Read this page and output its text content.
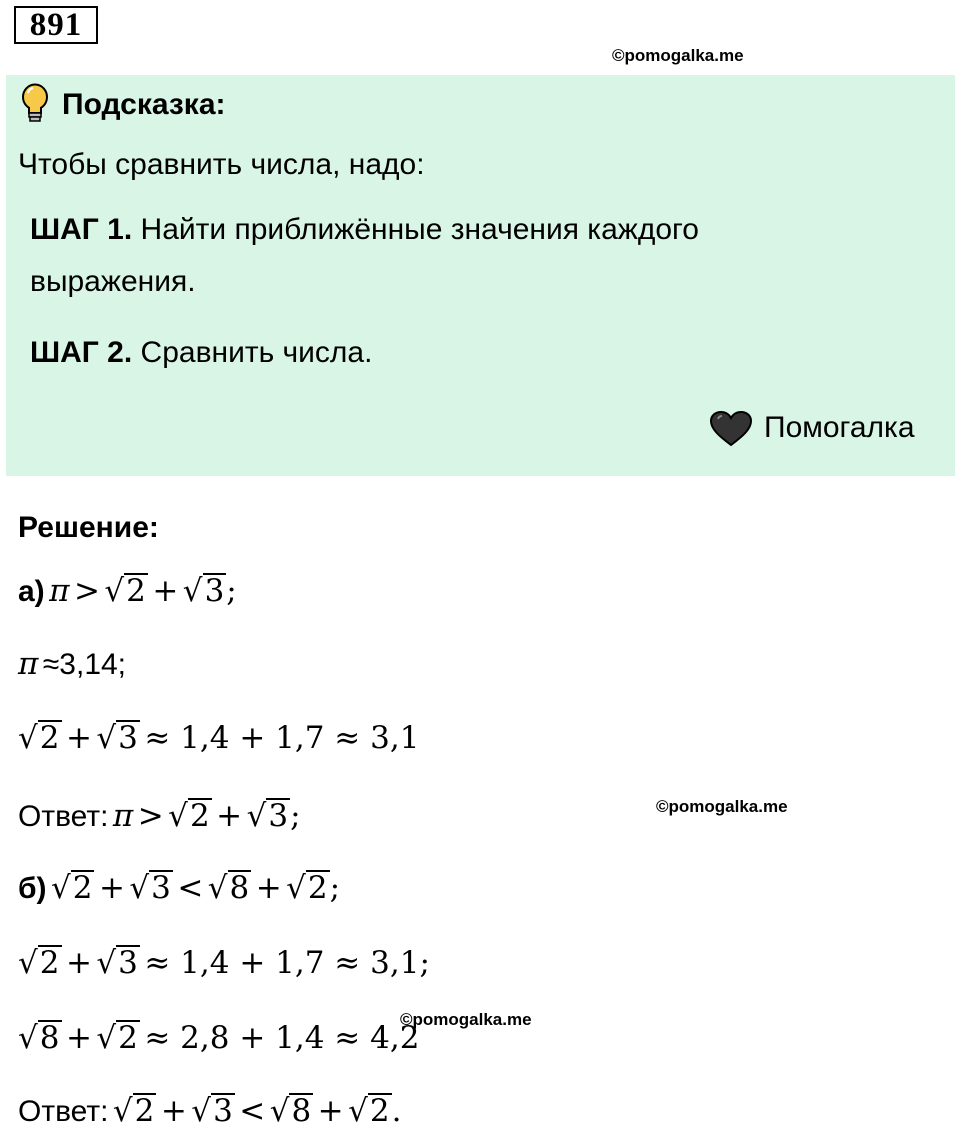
891
©pomogalka.me
Подсказка:
Чтобы сравнить числа, надо:
ШАГ 1. Найти приближённые значения каждого
выражения.
ШАГ 2. Сравнить числа.
Помогалка
Решение:
а) π > √2 + √3;
π ≈3,14;
√2 + √3 ≈ 1,4 + 1,7 ≈ 3,1
Ответ: π > √2 + √3;	©pomogalka.me
б) √2 + √3 < √8 + √2;
√2 + √3 ≈ 1,4 + 1,7 ≈ 3,1;
√8 + √2 ≈ 2,8 + 1,4 ≈ 4,2
©pomogalka.me
Ответ: √2 + √3 < √8 + √2.
